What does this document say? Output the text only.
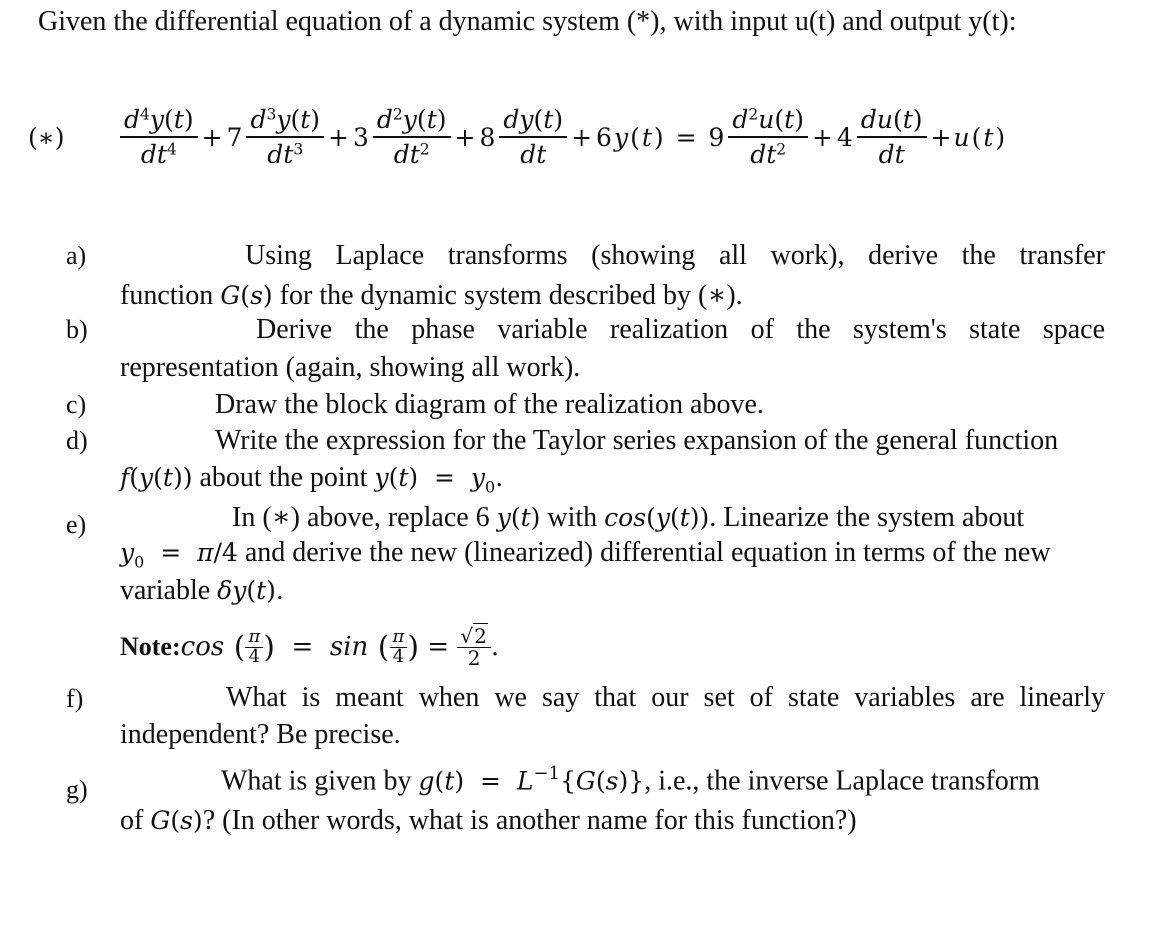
Given the differential equation of a dynamic system (*), with input u(t) and output y(t):
(∗)	$\frac{d^4y(t)}{dt^4} + 7 \frac{d^3y(t)}{dt^3} + 3 \frac{d^2y(t)}{dt^2} + 8 \frac{dy(t)}{dt} + 6$ y ( t ) = $9 \frac{d^2u(t)}{dt^2} + 4 \frac{du(t)}{dt} + u$ ( t )
a)	Using Laplace transforms (showing all work), derive the transfer
function G(s) for the dynamic system described by (∗).
b)	Derive the phase variable realization of the system's state space
representation (again, showing all work).
c)	Draw the block diagram of the realization above.
d)	Write the expression for the Taylor series expansion of the general function
f(y(t)) about the point $y(t) = y_0$.
e)	In (∗) above, replace 6 y(t) with cos(y(t)). Linearize the system about
$y_0 = \pi/4$ and derive the new (linearized) differential equation in terms of the new
variable δy(t).
Note: cos ( $\frac{\pi}{4}$ ) = sin ( $\frac{\pi}{4}$ ) = $\frac{√2}{2}$ .
f)	What is meant when we say that our set of state variables are linearly
independent? Be precise.
g)	What is given by $g(t) = L^{-1}\{G(s)\}$, i.e., the inverse Laplace transform
of G(s)? (In other words, what is another name for this function?)
